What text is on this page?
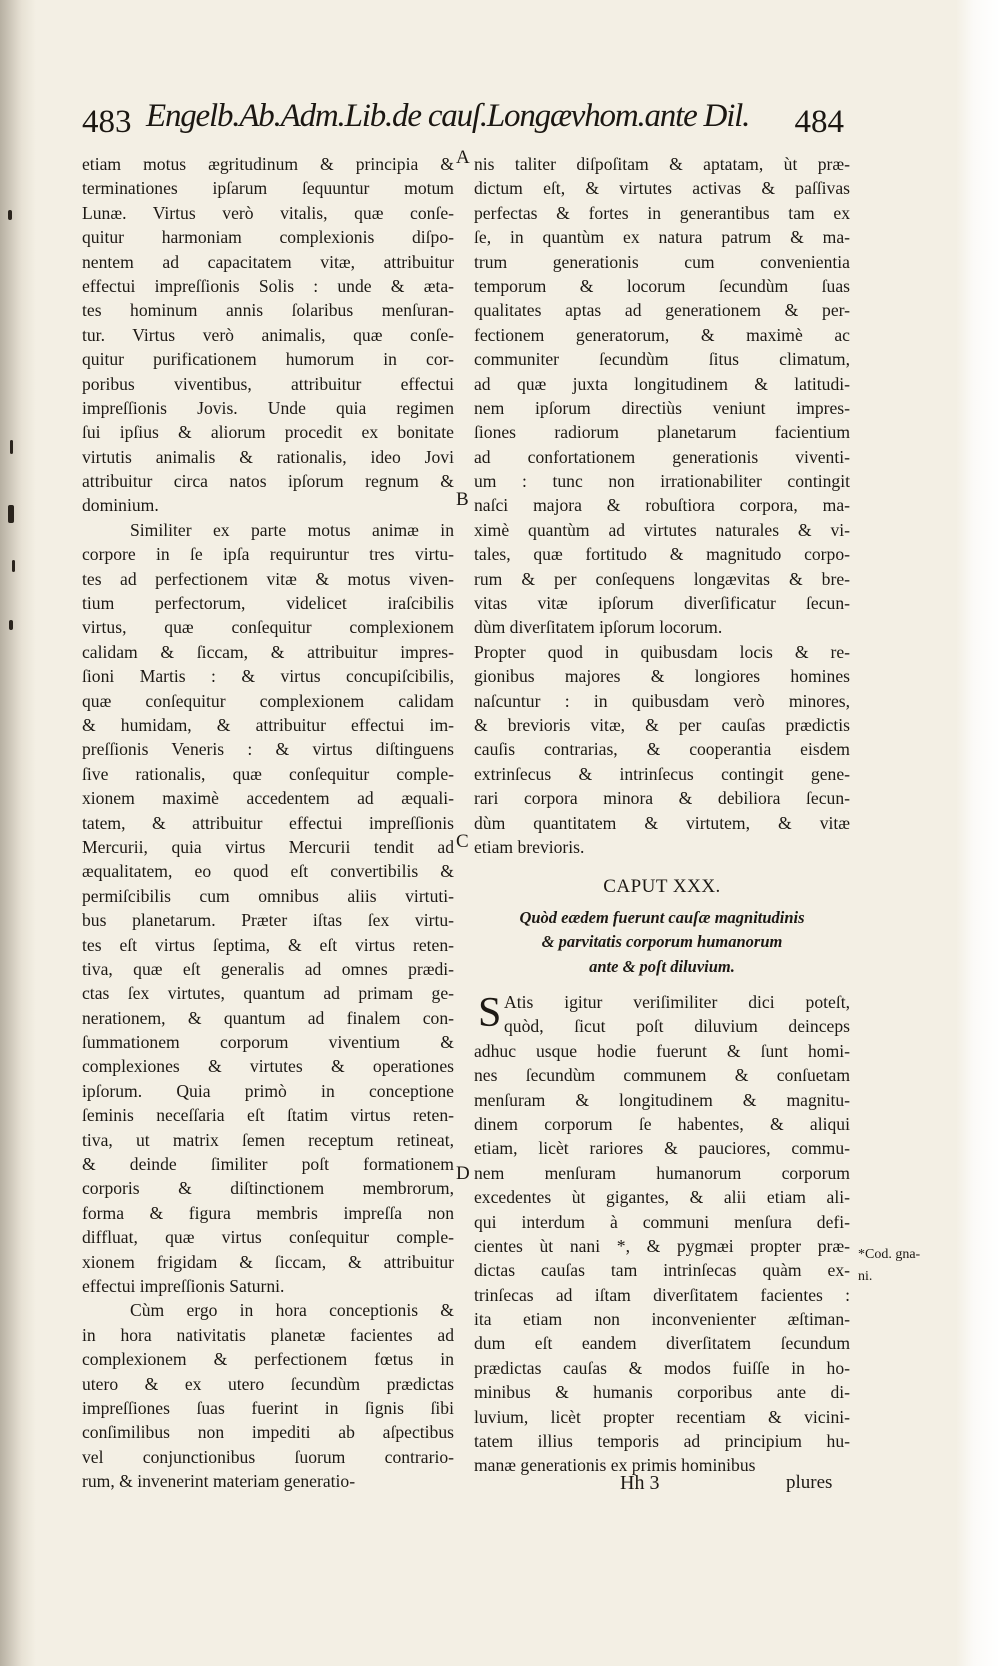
483 Engelb.Ab.Adm.Lib.de cauſ.Longævhom.ante Dil. 484
etiam motus ægritudinum & principia &
terminationes ipſarum ſequuntur motum
Lunæ. Virtus verò vitalis, quæ conſe-
quitur harmoniam complexionis diſpo-
nentem ad capacitatem vitæ, attribuitur
effectui impreſſionis Solis : unde & æta-
tes hominum annis ſolaribus menſuran-
tur. Virtus verò animalis, quæ conſe-
quitur purificationem humorum in cor-
poribus viventibus, attribuitur effectui
impreſſionis Jovis. Unde quia regimen
ſui ipſius & aliorum procedit ex bonitate
virtutis animalis & rationalis, ideo Jovi
attribuitur circa natos ipſorum regnum &
dominium.
Similiter ex parte motus animæ in
corpore in ſe ipſa requiruntur tres virtu-
tes ad perfectionem vitæ & motus viven-
tium perfectorum, videlicet iraſcibilis
virtus, quæ conſequitur complexionem
calidam & ſiccam, & attribuitur impres-
ſioni Martis : & virtus concupiſcibilis,
quæ conſequitur complexionem calidam
& humidam, & attribuitur effectui im-
preſſionis Veneris : & virtus diſtinguens
ſive rationalis, quæ conſequitur comple-
xionem maximè accedentem ad æquali-
tatem, & attribuitur effectui impreſſionis
Mercurii, quia virtus Mercurii tendit ad
æqualitatem, eo quod eſt convertibilis &
permiſcibilis cum omnibus aliis virtuti-
bus planetarum. Præter iſtas ſex virtu-
tes eſt virtus ſeptima, & eſt virtus reten-
tiva, quæ eſt generalis ad omnes prædi-
ctas ſex virtutes, quantum ad primam ge-
nerationem, & quantum ad finalem con-
ſummationem corporum viventium &
complexiones & virtutes & operationes
ipſorum. Quia primò in conceptione
ſeminis neceſſaria eſt ſtatim virtus reten-
tiva, ut matrix ſemen receptum retineat,
& deinde ſimiliter poſt formationem
corporis & diſtinctionem membrorum,
forma & figura membris impreſſa non
diffluat, quæ virtus conſequitur comple-
xionem frigidam & ſiccam, & attribuitur
effectui impreſſionis Saturni.
Cùm ergo in hora conceptionis &
in hora nativitatis planetæ facientes ad
complexionem & perfectionem fœtus in
utero & ex utero ſecundùm prædictas
impreſſiones ſuas fuerint in ſignis ſibi
conſimilibus non impediti ab aſpectibus
vel conjunctionibus ſuorum contrario-
rum, & invenerint materiam generatio-
nis taliter diſpoſitam & aptatam, ùt præ-
dictum eſt, & virtutes activas & paſſivas
perfectas & fortes in generantibus tam ex
ſe, in quantùm ex natura patrum & ma-
trum generationis cum convenientia
temporum & locorum ſecundùm ſuas
qualitates aptas ad generationem & per-
fectionem generatorum, & maximè ac
communiter ſecundùm ſitus climatum,
ad quæ juxta longitudinem & latitudi-
nem ipſorum directiùs veniunt impres-
ſiones radiorum planetarum facientium
ad confortationem generationis viventi-
um : tunc non irrationabiliter contingit
naſci majora & robuſtiora corpora, ma-
ximè quantùm ad virtutes naturales & vi-
tales, quæ fortitudo & magnitudo corpo-
rum & per conſequens longævitas & bre-
vitas vitæ ipſorum diverſificatur ſecun-
dùm diverſitatem ipſorum locorum.
Propter quod in quibusdam locis & re-
gionibus majores & longiores homines
naſcuntur : in quibusdam verò minores,
& brevioris vitæ, & per cauſas prædictis
cauſis contrarias, & cooperantia eisdem
extrinſecus & intrinſecus contingit gene-
rari corpora minora & debiliora ſecun-
dùm quantitatem & virtutem, & vitæ
etiam brevioris.
A
B
C
D
CAPUT XXX.
Quòd eædem fuerunt cauſæ magnitudinis
& parvitatis corporum humanorum
ante & poſt diluvium.
S Atis igitur veriſimiliter dici poteſt,
quòd, ſicut poſt diluvium deinceps
adhuc usque hodie fuerunt & ſunt homi-
nes ſecundùm communem & conſuetam
menſuram & longitudinem & magnitu-
dinem corporum ſe habentes, & aliqui
etiam, licèt rariores & pauciores, commu-
nem menſuram humanorum corporum
excedentes ùt gigantes, & alii etiam ali-
qui interdum à communi menſura defi-
cientes ùt nani *, & pygmæi propter præ-
dictas cauſas tam intrinſecas quàm ex-
trinſecas ad iſtam diverſitatem facientes :
ita etiam non inconvenienter æſtiman-
dum eſt eandem diverſitatem ſecundum
prædictas cauſas & modos fuiſſe in ho-
minibus & humanis corporibus ante di-
luvium, licèt propter recentiam & vicini-
tatem illius temporis ad principium hu-
manæ generationis ex primis hominibus
*Cod. gna-
ni.
Hh 3	plures
